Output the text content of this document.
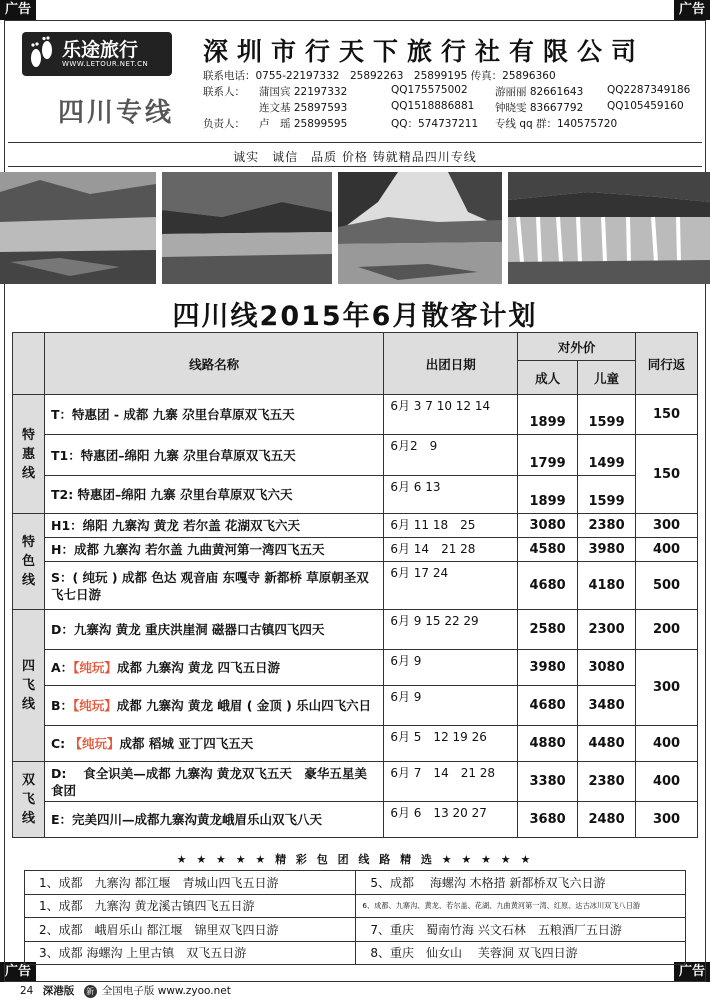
广告	广告
广告	广告
乐途旅行
WWW.LETOUR.NET.CN
四川专线
深圳市行天下旅行社有限公司
联系电话：0755-22197332　25892263　25899195 传真：25896360
联系人： 蒲国宾 22197332	QQ175575002	游丽丽 82661643 QQ2287349186
连文基 25897593	QQ1518886881 钟晓雯 83667792 QQ105459160
负责人： 卢　瑶 25899595	QQ：574737211 专线 qq 群：140575720
诚实　诚信　品质 价格 铸就精品四川专线
四川线2015年6月散客计划
	线路名称	出团日期	对外价		同行返
			成人	儿童	
特惠线	T：特惠团 - 成都 九寨 尕里台草原双飞五天	6月 3 7 10 12 14	1899	1599	150
	T1：特惠团–绵阳 九寨 尕里台草原双飞五天	6月2　9	1799	1499	150
	T2: 特惠团–绵阳 九寨 尕里台草原双飞六天	6月 6 13	1899	1599	
特色线	H1：绵阳 九寨沟 黄龙 若尔盖 花湖双飞六天	6月 11 18　25	3080	2380	300
	H：成都 九寨沟 若尔盖 九曲黄河第一湾四飞五天	6月 14　21 28	4580	3980	400
	S：( 纯玩 ) 成都 色达 观音庙 东嘎寺 新都桥 草原朝圣双飞七日游	6月 17 24	4680	4180	500
四飞线	D：九寨沟 黄龙 重庆洪崖洞 磁器口古镇四飞四天	6月 9 15 22 29	2580	2300	200
	A：【纯玩】成都 九寨沟 黄龙 四飞五日游	6月 9	3980	3080	300
	B：【纯玩】成都 九寨沟 黄龙 峨眉 ( 金顶 ) 乐山四飞六日	6月 9	4680	3480	
	C: 【纯玩】成都 稻城 亚丁四飞五天	6月 5　12 19 26	4880	4480	400
双飞线	D: 　食全识美—成都 九寨沟 黄龙双飞五天　豪华五星美食团	6月 7　14　21 28	3380	2380	400
	E：完美四川—成都九寨沟黄龙峨眉乐山双飞八天	6月 6　13 20 27	3680	2480	300
★ ★ ★ ★ ★ 精 彩 包 团 线 路 精 选 ★ ★ ★ ★ ★
1、成都　九寨沟 都江堰　青城山四飞五日游	5、成都　 海螺沟 木格措 新都桥双飞六日游
1、成都　九寨沟 黄龙溪古镇四飞五日游	6、成都、九寨沟、黄龙、若尔盖、花湖、九曲黄河第一湾、红原、达古冰川双飞八日游
2、成都　峨眉乐山 都江堰　锦里双飞四日游	7、重庆　蜀南竹海 兴文石林　五粮酒厂五日游
3、成都 海螺沟 上里古镇　双飞五日游	8、重庆　仙女山　 芙蓉洞 双飞四日游
24 深港版 新 全国电子版 www.zyoo.net
